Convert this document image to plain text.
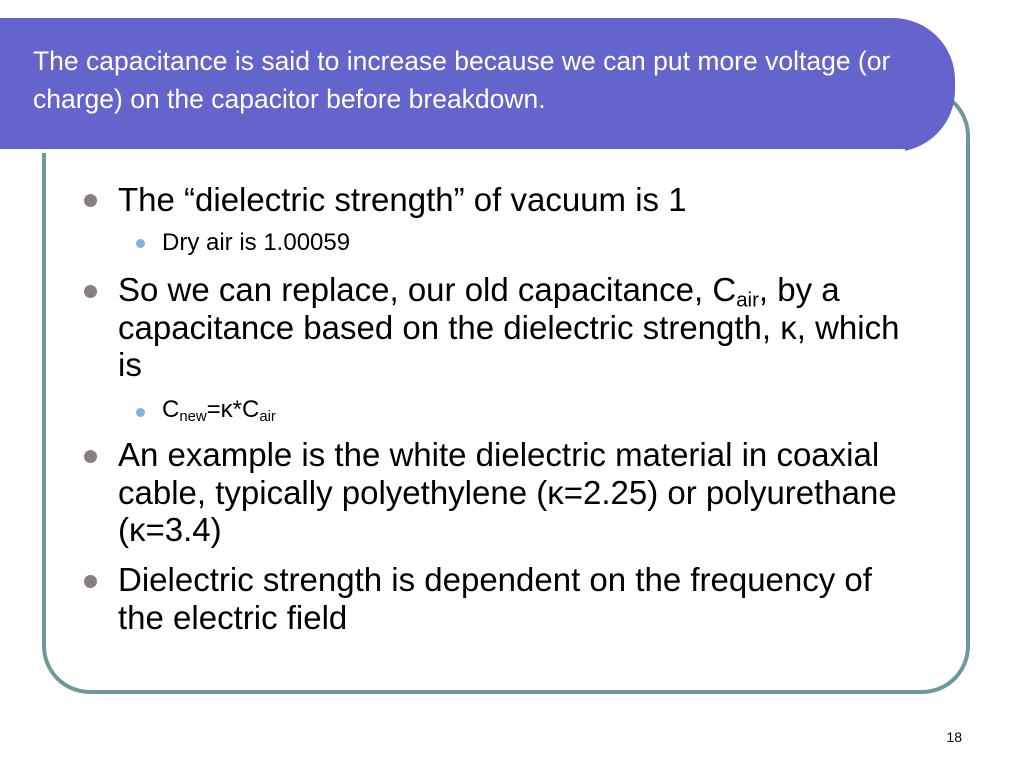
The capacitance is said to increase because we can put more voltage (or charge) on the capacitor before breakdown.
The “dielectric strength” of vacuum is 1
Dry air is 1.00059
So we can replace, our old capacitance, $C_{air}$, by a capacitance based on the dielectric strength, κ, which is
$C_{new}=\kappa*C_{air}$
An example is the white dielectric material in coaxial cable, typically polyethylene (κ=2.25) or polyurethane (κ=3.4)
Dielectric strength is dependent on the frequency of the electric field
18
